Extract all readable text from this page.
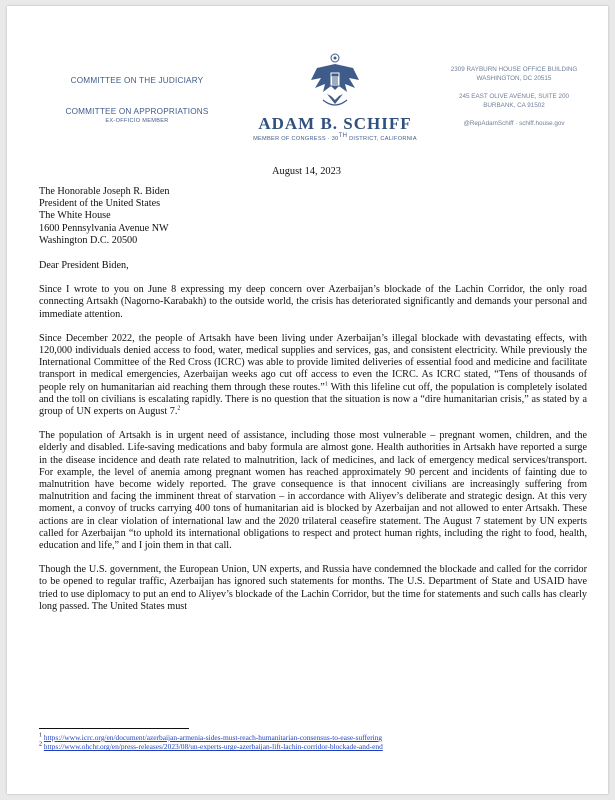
COMMITTEE ON THE JUDICIARY
COMMITTEE ON APPROPRIATIONS
EX-OFFICIO MEMBER	ADAM B. SCHIFF
MEMBER OF CONGRESS · 30TH DISTRICT, CALIFORNIA
2309 RAYBURN HOUSE OFFICE BUILDING
WASHINGTON, DC 20515
245 EAST OLIVE AVENUE, SUITE 200
BURBANK, CA 91502
@RepAdamSchiff · schiff.house.gov
August 14, 2023

The Honorable Joseph R. Biden
President of the United States
The White House
1600 Pennsylvania Avenue NW
Washington D.C. 20500

Dear President Biden,

Since I wrote to you on June 8 expressing my deep concern over Azerbaijan’s blockade of the Lachin Corridor, the only road connecting Artsakh (Nagorno-Karabakh) to the outside world, the crisis has deteriorated significantly and demands your personal and immediate attention.

Since December 2022, the people of Artsakh have been living under Azerbaijan’s illegal blockade with devastating effects, with 120,000 individuals denied access to food, water, medical supplies and services, gas, and consistent electricity. While previously the International Committee of the Red Cross (ICRC) was able to provide limited deliveries of essential food and medicine and facilitate transport in medical emergencies, Azerbaijan weeks ago cut off access to even the ICRC. As ICRC stated, “Tens of thousands of people rely on humanitarian aid reaching them through these routes.”$^1$ With this lifeline cut off, the population is completely isolated and the toll on civilians is escalating rapidly. There is no question that the situation is now a “dire humanitarian crisis,” as stated by a group of UN experts on August 7.$^2$

The population of Artsakh is in urgent need of assistance, including those most vulnerable – pregnant women, children, and the elderly and disabled. Life-saving medications and baby formula are almost gone. Health authorities in Artsakh have reported a surge in the disease incidence and death rate related to malnutrition, lack of medicines, and lack of emergency medical services/transport. For example, the level of anemia among pregnant women has reached approximately 90 percent and incidents of fainting due to malnutrition have become widely reported. The grave consequence is that innocent civilians are increasingly suffering from malnutrition and facing the imminent threat of starvation – in accordance with Aliyev’s deliberate and strategic design. At this very moment, a convoy of trucks carrying 400 tons of humanitarian aid is blocked by Azerbaijan and not allowed to enter Artsakh. These actions are in clear violation of international law and the 2020 trilateral ceasefire statement. The August 7 statement by UN experts called for Azerbaijan “to uphold its international obligations to respect and protect human rights, including the right to food, health, education and life,” and I join them in that call.

Though the U.S. government, the European Union, UN experts, and Russia have condemned the blockade and called for the corridor to be opened to regular traffic, Azerbaijan has ignored such statements for months. The U.S. Department of State and USAID have tried to use diplomacy to put an end to Aliyev’s blockade of the Lachin Corridor, but the time for statements and such calls has clearly long passed. The United States must

$^1$ https://www.icrc.org/en/document/azerbaijan-armenia-sides-must-reach-humanitarian-consensus-to-ease-suffering
$^2$ https://www.ohchr.org/en/press-releases/2023/08/un-experts-urge-azerbaijan-lift-lachin-corridor-blockade-and-end
